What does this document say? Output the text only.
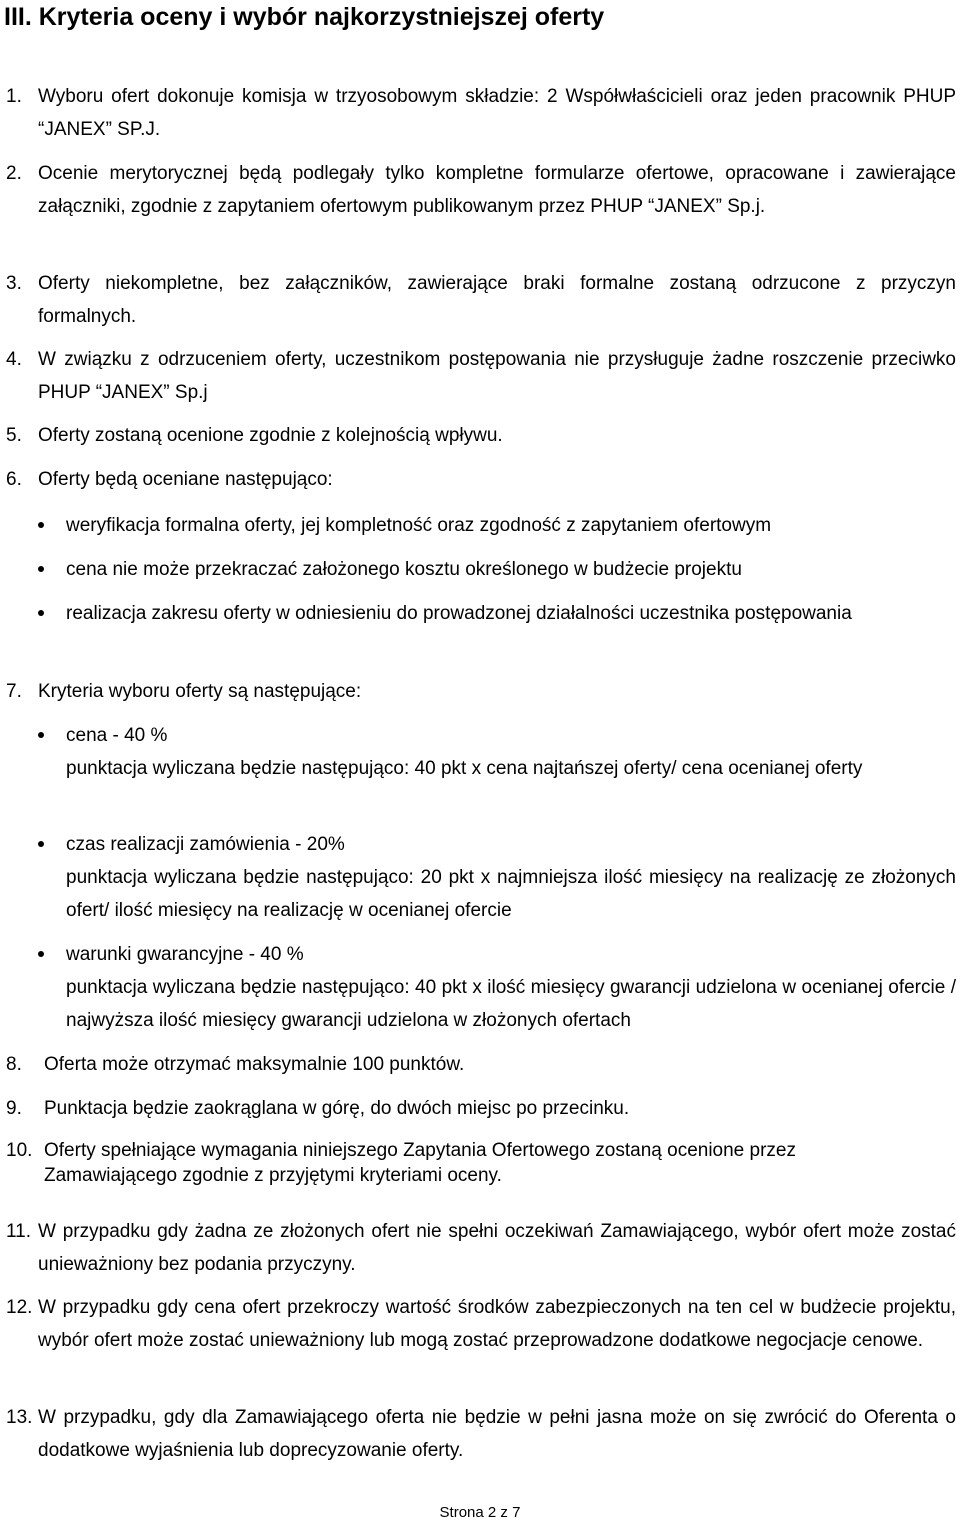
III. Kryteria oceny i wybór najkorzystniejszej oferty
1. Wyboru ofert dokonuje komisja w trzyosobowym składzie: 2 Współwłaścicieli oraz jeden pracownik PHUP “JANEX” SP.J.
2. Ocenie merytorycznej będą podlegały tylko kompletne formularze ofertowe, opracowane i zawierające załączniki, zgodnie z zapytaniem ofertowym publikowanym przez PHUP “JANEX” Sp.j.
3. Oferty niekompletne, bez załączników, zawierające braki formalne zostaną odrzucone z przyczyn formalnych.
4. W związku z odrzuceniem oferty, uczestnikom postępowania nie przysługuje żadne roszczenie przeciwko PHUP “JANEX” Sp.j
5. Oferty zostaną ocenione zgodnie z kolejnością wpływu.
6. Oferty będą oceniane następująco:
weryfikacja formalna oferty, jej kompletność oraz zgodność z zapytaniem ofertowym
cena nie może przekraczać założonego kosztu określonego w budżecie projektu
realizacja zakresu oferty w odniesieniu do prowadzonej działalności uczestnika postępowania
7. Kryteria wyboru oferty są następujące:
cena - 40 %
punktacja wyliczana będzie następująco: 40 pkt x cena najtańszej oferty/ cena ocenianej oferty
czas realizacji zamówienia - 20%
punktacja wyliczana będzie następująco: 20 pkt x najmniejsza ilość miesięcy na realizację ze złożonych ofert/ ilość miesięcy na realizację w ocenianej ofercie
warunki gwarancyjne - 40 %
punktacja wyliczana będzie następująco: 40 pkt x ilość miesięcy gwarancji udzielona w ocenianej ofercie / najwyższa ilość miesięcy gwarancji udzielona w złożonych ofertach
8. Oferta może otrzymać maksymalnie 100 punktów.
9. Punktacja będzie zaokrąglana w górę, do dwóch miejsc po przecinku.
10. Oferty spełniające wymagania niniejszego Zapytania Ofertowego zostaną ocenione przez Zamawiającego zgodnie z przyjętymi kryteriami oceny.
11. W przypadku gdy żadna ze złożonych ofert nie spełni oczekiwań Zamawiającego, wybór ofert może zostać unieważniony bez podania przyczyny.
12. W przypadku gdy cena ofert przekroczy wartość środków zabezpieczonych na ten cel w budżecie projektu, wybór ofert może zostać unieważniony lub mogą zostać przeprowadzone dodatkowe negocjacje cenowe.
13. W przypadku, gdy dla Zamawiającego oferta nie będzie w pełni jasna może on się zwrócić do Oferenta o dodatkowe wyjaśnienia lub doprecyzowanie oferty.
Strona 2 z 7
